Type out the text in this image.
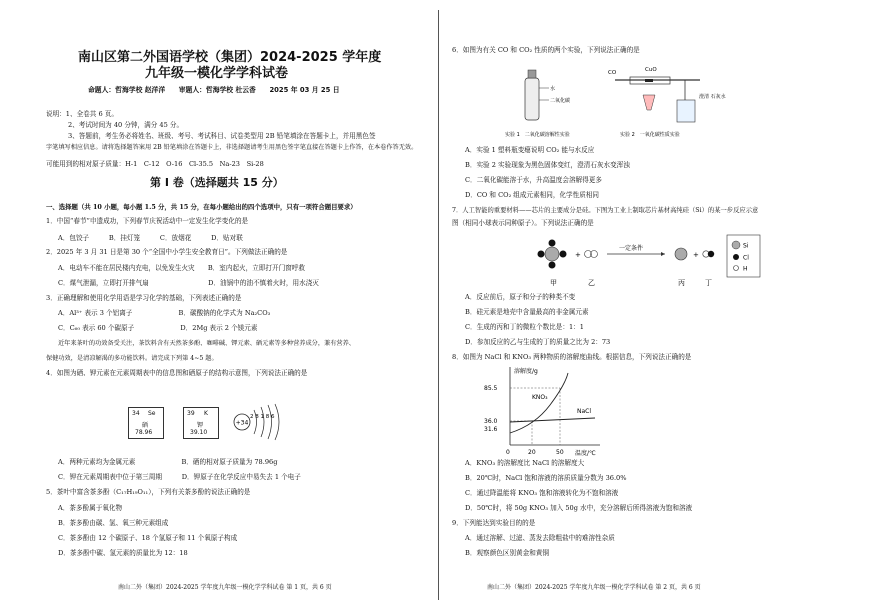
南山区第二外国语学校（集团）2024-2025 学年度
九年级一模化学学科试卷
命题人：哲海学校 赵洋洋　　审题人：哲海学校 杜云香　　2025 年 03 月 25 日
说明：1、全卷共 6 页。
2、考试时间为 40 分钟，满分 45 分。
3、答题前，考生务必将姓名、班级、考号、考试科目、试卷类型用 2B 铅笔填涂在答题卡上，并用黑色签
字笔填写相应信息。请将选择题答案用 2B 铅笔填涂在答题卡上，非选择题请考生用黑色签字笔直接在答题卡上作答，在本卷作答无效。
可能用到的相对原子质量：H-1　C-12　O-16　Cl-35.5　Na-23　Si-28
第 Ⅰ 卷（选择题共 15 分）
一、选择题（共 10 小题，每小题 1.5 分，共 15 分，在每小题给出的四个选项中，只有一项符合题目要求）
1．中国“春节”申遗成功，下列春节庆祝活动中一定发生化学变化的是
A．包饺子　　　B．挂灯笼　　　C．放烟花　　　D．贴对联
2．2025 年 3 月 31 日是第 30 个“全国中小学生安全教育日”。下列做法正确的是
A．电动车不能在居民楼内充电，以免发生火灾　　B．室内起火，立即打开门窗呼救
C．煤气泄漏，立即打开排气扇　　　　　　　　　D．油锅中的油不慎着火时，用水浇灭
3．正确理解和使用化学用语是学习化学的基础，下列表述正确的是
A．Al³⁺ 表示 3 个铝离子　　　　　　　B．碳酸钠的化学式为 Na₂CO₃
C．C₆₀ 表示 60 个碳原子　　　　　　　D．2Mg 表示 2 个镁元素
近年来茶叶的功效备受关注，茶饮料含有天然茶多酚、咖啡碱、钾元素、硒元素等多种营养成分，兼有营养、
保健功效，是清凉解渴的多功能饮料。请完成下列第 4~5 题。
4．如图为硒、钾元素在元素周期表中的信息图和硒原子的结构示意图，下列说法正确的是
34 Se
硒
78.96
39 K
钾
39.10
+34
2 8 1 8 6
A．两种元素均为金属元素　　　　　　　B．硒的相对原子质量为 78.96g
C．钾在元素周期表中位于第三周期　　　D．钾原子在化学反应中易失去 1 个电子
5．茶叶中富含茶多酚（C₁₇H₁₉O₁₁），下列有关茶多酚的说法正确的是
A．茶多酚属于氧化物
B．茶多酚由碳、氢、氧三种元素组成
C．茶多酚由 12 个碳原子、18 个氢原子和 11 个氧原子构成
D．茶多酚中碳、氢元素的质量比为 12：18
南山二外（集团）2024-2025 学年度九年级一模化学学科试卷 第 1 页，共 6 页
6．如图为有关 CO 和 CO₂ 性质的两个实验，下列说法正确的是
水
二氧化碳
实验 1　二氧化碳溶解性实验
CO	CuO
澄清 石灰水
实验 2　一氧化碳性质实验
A．实验 1 塑料瓶变瘪说明 CO₂ 能与水反应
B．实验 2 实验现象为黑色固体变红，澄清石灰水变浑浊
C．二氧化碳能溶于水，升高温度会溶解得更多
D．CO 和 CO₂ 组成元素相同，化学性质相同
7．人工智能的重要材料——芯片的主要成分是硅。下图为工业上制取芯片基材高纯硅（Si）的某一步反应示意
图（相同小球表示同种原子）。下列说法正确的是
+
一定条件
+
甲	乙	丙	丁
Si
Cl
H
A．反应前后，原子和分子的种类不变
B．硅元素是地壳中含量最高的非金属元素
C．生成的丙和丁的微粒个数比是：1：1
D．参加反应的乙与生成的丁的质量之比为 2：73
8．如图为 NaCl 和 KNO₃ 两种物质的溶解度曲线。根据信息，下列说法正确的是
溶解度/g
温度/℃
85.5
36.0
31.6
0	20	50
KNO₃
NaCl
A．KNO₃ 的溶解度比 NaCl 的溶解度大
B．20℃时，NaCl 饱和溶液的溶质质量分数为 36.0%
C．通过降温能将 KNO₃ 饱和溶液转化为不饱和溶液
D．50℃时，将 50g KNO₃ 加入 50g 水中，充分溶解后所得溶液为饱和溶液
9．下列能达到实验目的的是
A．通过溶解、过滤、蒸发去除粗盐中的难溶性杂质
B．观察颜色区别黄金和黄铜
南山二外（集团）2024-2025 学年度九年级一模化学学科试卷 第 2 页，共 6 页
